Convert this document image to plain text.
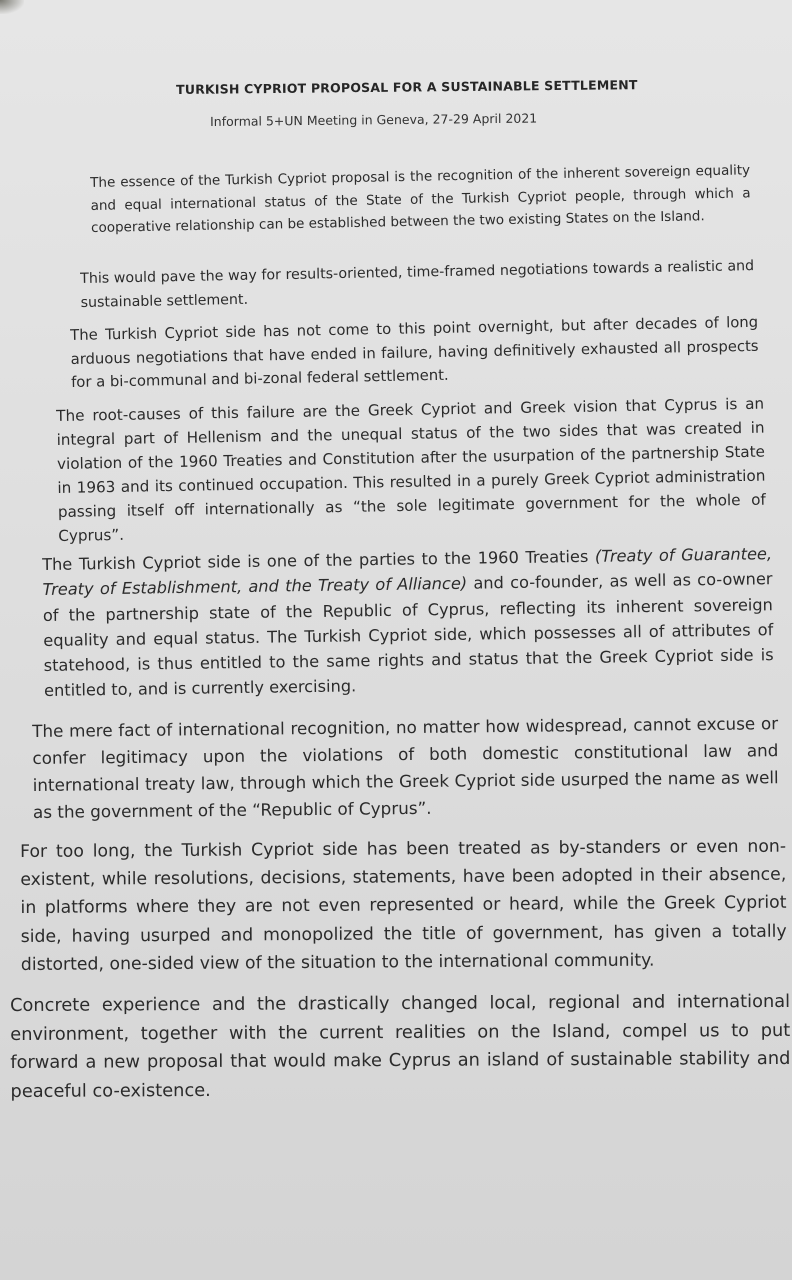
TURKISH CYPRIOT PROPOSAL FOR A SUSTAINABLE SETTLEMENT
Informal 5+UN Meeting in Geneva, 27-29 April 2021

The essence of the Turkish Cypriot proposal is the recognition of the inherent sovereign equality and equal international status of the State of the Turkish Cypriot people, through which a cooperative relationship can be established between the two existing States on the Island.

This would pave the way for results-oriented, time-framed negotiations towards a realistic and sustainable settlement.

The Turkish Cypriot side has not come to this point overnight, but after decades of long arduous negotiations that have ended in failure, having definitively exhausted all prospects for a bi-communal and bi-zonal federal settlement.

The root-causes of this failure are the Greek Cypriot and Greek vision that Cyprus is an integral part of Hellenism and the unequal status of the two sides that was created in violation of the 1960 Treaties and Constitution after the usurpation of the partnership State in 1963 and its continued occupation. This resulted in a purely Greek Cypriot administration passing itself off internationally as “the sole legitimate government for the whole of Cyprus”.

The Turkish Cypriot side is one of the parties to the 1960 Treaties (Treaty of Guarantee, Treaty of Establishment, and the Treaty of Alliance) and co-founder, as well as co-owner of the partnership state of the Republic of Cyprus, reflecting its inherent sovereign equality and equal status. The Turkish Cypriot side, which possesses all of attributes of statehood, is thus entitled to the same rights and status that the Greek Cypriot side is entitled to, and is currently exercising.

The mere fact of international recognition, no matter how widespread, cannot excuse or confer legitimacy upon the violations of both domestic constitutional law and international treaty law, through which the Greek Cypriot side usurped the name as well as the government of the “Republic of Cyprus”.

For too long, the Turkish Cypriot side has been treated as by-standers or even non-existent, while resolutions, decisions, statements, have been adopted in their absence, in platforms where they are not even represented or heard, while the Greek Cypriot side, having usurped and monopolized the title of government, has given a totally distorted, one-sided view of the situation to the international community.

Concrete experience and the drastically changed local, regional and international environment, together with the current realities on the Island, compel us to put forward a new proposal that would make Cyprus an island of sustainable stability and peaceful co-existence.
